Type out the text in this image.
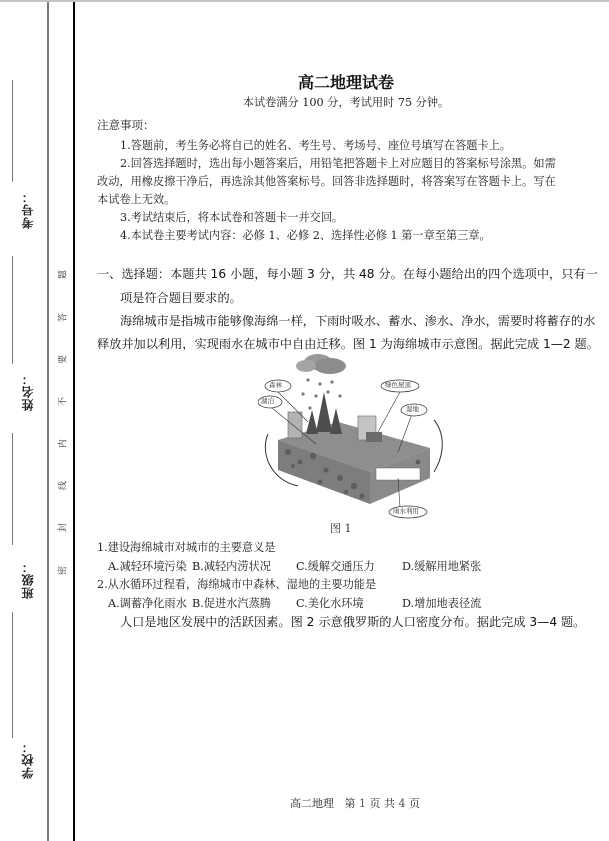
考号：
姓名：
班级：
学校：
题
答
要
不
内
线
封
密
高二地理试卷
本试卷满分 100 分，考试用时 75 分钟。
注意事项：
1.答题前，考生务必将自己的姓名、考生号、考场号、座位号填写在答题卡上。
2.回答选择题时，选出每小题答案后，用铅笔把答题卡上对应题目的答案标号涂黑。如需
改动，用橡皮擦干净后，再选涂其他答案标号。回答非选择题时，将答案写在答题卡上。写在
本试卷上无效。
3.考试结束后，将本试卷和答题卡一并交回。
4.本试卷主要考试内容：必修 1、必修 2、选择性必修 1 第一章至第三章。
一、选择题：本题共 16 小题，每小题 3 分，共 48 分。在每小题给出的四个选项中，只有一
项是符合题目要求的。
海绵城市是指城市能够像海绵一样，下雨时吸水、蓄水、渗水、净水，需要时将蓄存的水
释放并加以利用，实现雨水在城市中自由迁移。图 1 为海绵城市示意图。据此完成 1—2 题。
森林
湖泊
绿色屋顶
湿地
雨水利用
图 1
1.建设海绵城市对城市的主要意义是
A.减轻环境污染 B.减轻内涝状况 C.缓解交通压力 D.缓解用地紧张
2.从水循环过程看，海绵城市中森林、湿地的主要功能是
A.调蓄净化雨水 B.促进水汽蒸腾 C.美化水环境	D.增加地表径流
人口是地区发展中的活跃因素。图 2 示意俄罗斯的人口密度分布。据此完成 3—4 题。
高二地理 第 1 页 共 4 页
